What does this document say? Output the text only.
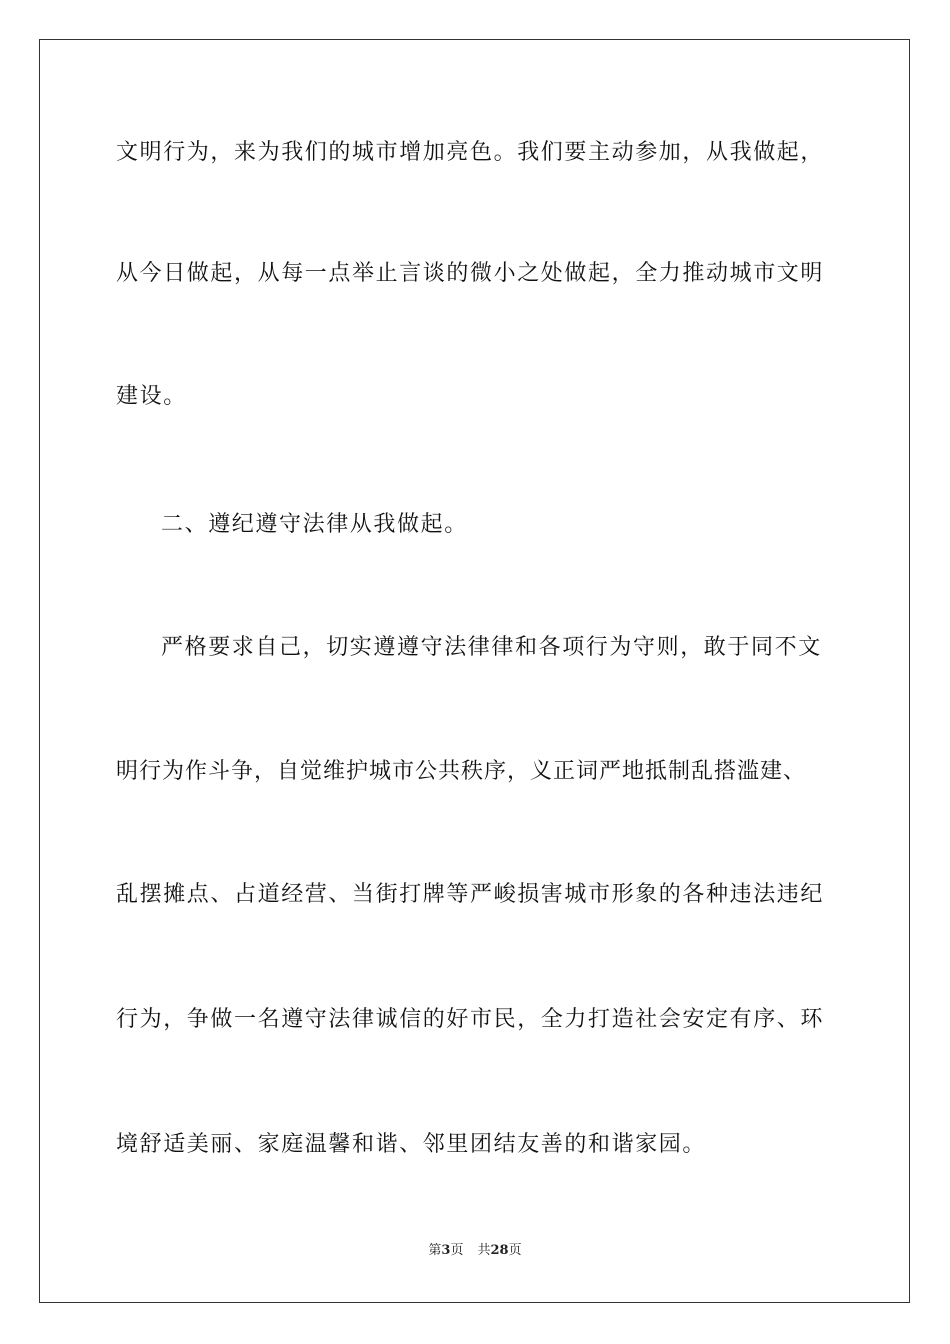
文明行为，来为我们的城市增加亮色。我们要主动参加，从我做起，
从今日做起，从每一点举止言谈的微小之处做起，全力推动城市文明
建设。
二、遵纪遵守法律从我做起。
严格要求自己，切实遵遵守法律律和各项行为守则，敢于同不文
明行为作斗争，自觉维护城市公共秩序，义正词严地抵制乱搭滥建、
乱摆摊点、占道经营、当街打牌等严峻损害城市形象的各种违法违纪
行为，争做一名遵守法律诚信的好市民，全力打造社会安定有序、环
境舒适美丽、家庭温馨和谐、邻里团结友善的和谐家园。
第3页 共28页
